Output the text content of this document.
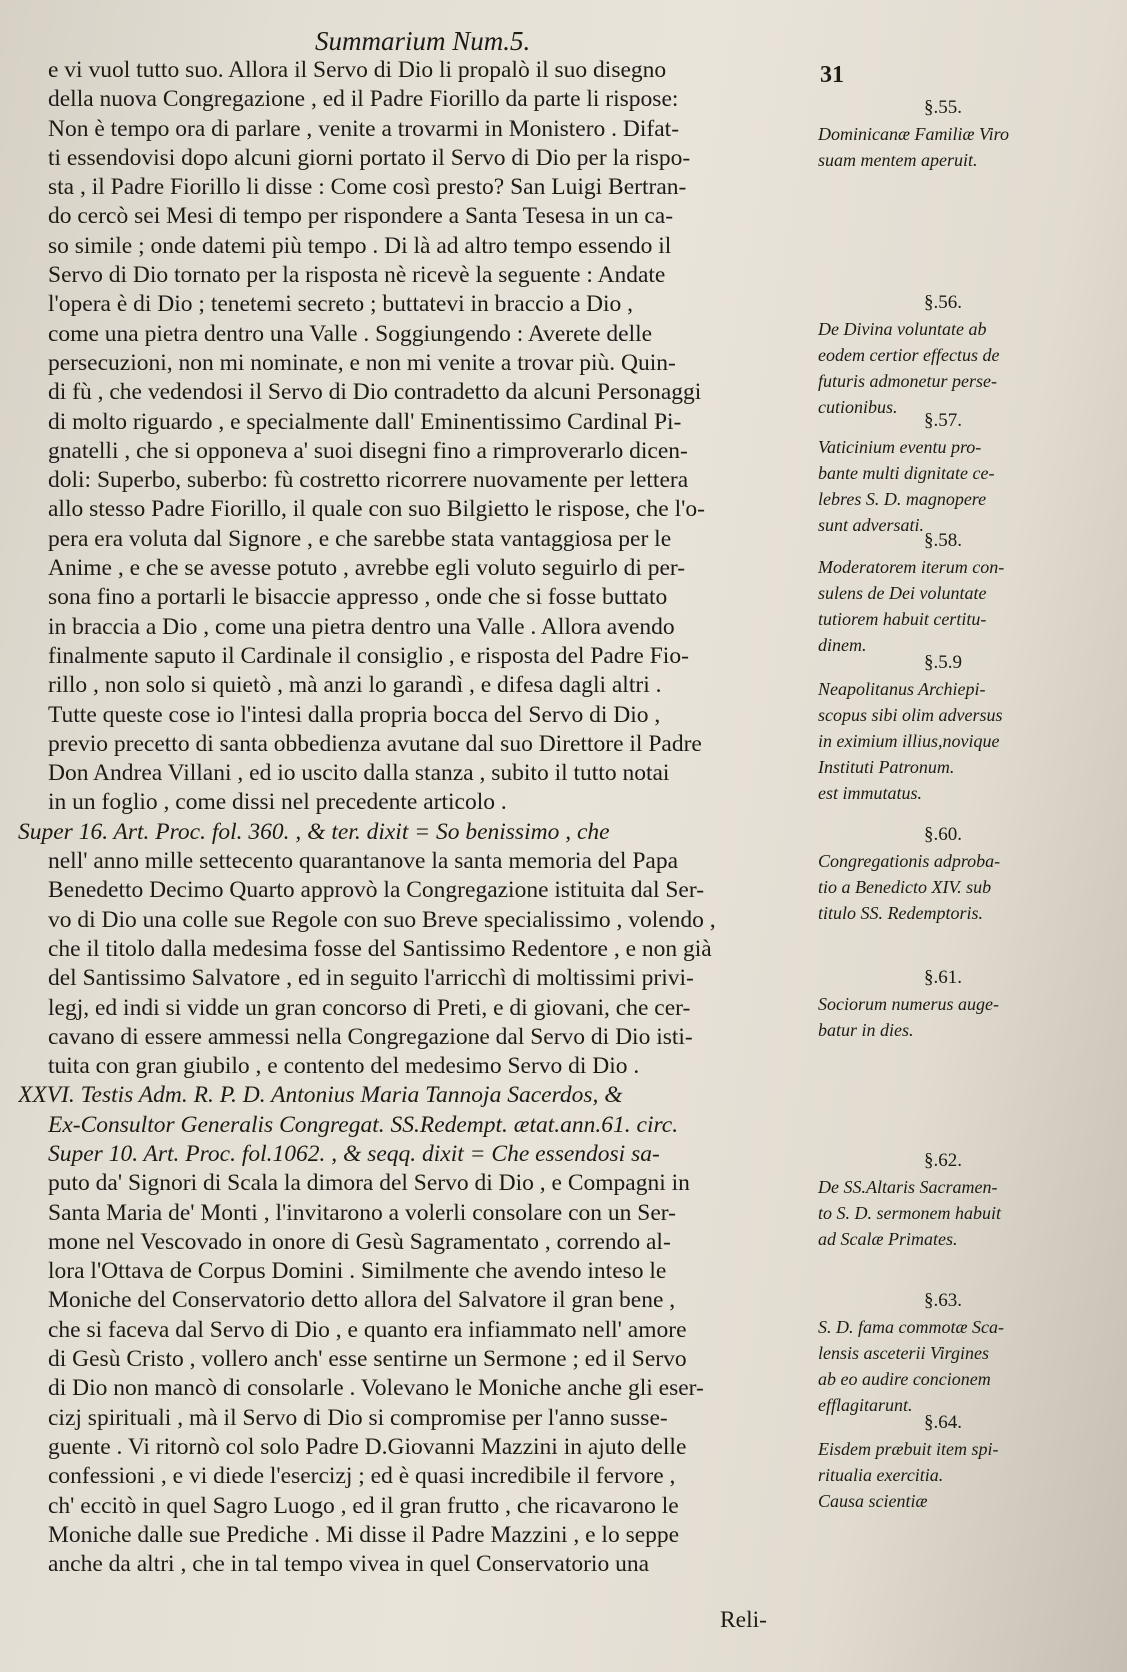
Summarium Num.5.
31
e vi vuol tutto suo. Allora il Servo di Dio li propalò il suo disegno
della nuova Congregazione , ed il Padre Fiorillo da parte li rispose:
Non è tempo ora di parlare , venite a trovarmi in Monistero . Difat-
ti essendovisi dopo alcuni giorni portato il Servo di Dio per la rispo-
sta , il Padre Fiorillo li disse : Come così presto? San Luigi Bertran-
do cercò sei Mesi di tempo per rispondere a Santa Tesesa in un ca-
so simile ; onde datemi più tempo . Di là ad altro tempo essendo il
Servo di Dio tornato per la risposta nè ricevè la seguente : Andate
l'opera è di Dio ; tenetemi secreto ; buttatevi in braccio a Dio ,
come una pietra dentro una Valle . Soggiungendo : Averete delle
persecuzioni, non mi nominate, e non mi venite a trovar più. Quin-
di fù , che vedendosi il Servo di Dio contradetto da alcuni Personaggi
di molto riguardo , e specialmente dall' Eminentissimo Cardinal Pi-
gnatelli , che si opponeva a' suoi disegni fino a rimproverarlo dicen-
doli: Superbo, suberbo: fù costretto ricorrere nuovamente per lettera
allo stesso Padre Fiorillo, il quale con suo Bilgietto le rispose, che l'o-
pera era voluta dal Signore , e che sarebbe stata vantaggiosa per le
Anime , e che se avesse potuto , avrebbe egli voluto seguirlo di per-
sona fino a portarli le bisaccie appresso , onde che si fosse buttato
in braccia a Dio , come una pietra dentro una Valle . Allora avendo
finalmente saputo il Cardinale il consiglio , e risposta del Padre Fio-
rillo , non solo si quietò , mà anzi lo garandì , e difesa dagli altri .
Tutte queste cose io l'intesi dalla propria bocca del Servo di Dio ,
previo precetto di santa obbedienza avutane dal suo Direttore il Padre
Don Andrea Villani , ed io uscito dalla stanza , subito il tutto notai
in un foglio , come dissi nel precedente articolo .
Super 16. Art. Proc. fol. 360. , & ter. dixit = So benissimo , che
nell' anno mille settecento quarantanove la santa memoria del Papa
Benedetto Decimo Quarto approvò la Congregazione istituita dal Ser-
vo di Dio una colle sue Regole con suo Breve specialissimo , volendo ,
che il titolo dalla medesima fosse del Santissimo Redentore , e non già
del Santissimo Salvatore , ed in seguito l'arricchì di moltissimi privi-
legj, ed indi si vidde un gran concorso di Preti, e di giovani, che cer-
cavano di essere ammessi nella Congregazione dal Servo di Dio isti-
tuita con gran giubilo , e contento del medesimo Servo di Dio .
XXVI. Testis Adm. R. P. D. Antonius Maria Tannoja Sacerdos, &
Ex-Consultor Generalis Congregat. SS.Redempt. ætat.ann.61. circ.
Super 10. Art. Proc. fol.1062. , & seqq. dixit = Che essendosi sa-
puto da' Signori di Scala la dimora del Servo di Dio , e Compagni in
Santa Maria de' Monti , l'invitarono a volerli consolare con un Ser-
mone nel Vescovado in onore di Gesù Sagramentato , correndo al-
lora l'Ottava de Corpus Domini . Similmente che avendo inteso le
Moniche del Conservatorio detto allora del Salvatore il gran bene ,
che si faceva dal Servo di Dio , e quanto era infiammato nell' amore
di Gesù Cristo , vollero anch' esse sentirne un Sermone ; ed il Servo
di Dio non mancò di consolarle . Volevano le Moniche anche gli eser-
cizj spirituali , mà il Servo di Dio si compromise per l'anno susse-
guente . Vi ritornò col solo Padre D.Giovanni Mazzini in ajuto delle
confessioni , e vi diede l'esercizj ; ed è quasi incredibile il fervore ,
ch' eccitò in quel Sagro Luogo , ed il gran frutto , che ricavarono le
Moniche dalle sue Prediche . Mi disse il Padre Mazzini , e lo seppe
anche da altri , che in tal tempo vivea in quel Conservatorio una
§.55.
Dominicanæ Familiæ Viro
suam mentem aperuit.
§.56.
De Divina voluntate ab
eodem certior effectus de
futuris admonetur perse-
cutionibus.
§.57.
Vaticinium eventu pro-
bante multi dignitate ce-
lebres S. D. magnopere
sunt adversati.
§.58.
Moderatorem iterum con-
sulens de Dei voluntate
tutiorem habuit certitu-
dinem.
§.5.9
Neapolitanus Archiepi-
scopus sibi olim adversus
in eximium illius,novique
Instituti Patronum.
est immutatus.
§.60.
Congregationis adproba-
tio a Benedicto XIV. sub
titulo SS. Redemptoris.
§.61.
Sociorum numerus auge-
batur in dies.
§.62.
De SS.Altaris Sacramen-
to S. D. sermonem habuit
ad Scalæ Primates.
§.63.
S. D. fama commotæ Sca-
lensis asceterii Virgines
ab eo audire concionem
efflagitarunt.
§.64.
Eisdem præbuit item spi-
ritualia exercitia.
Causa scientiæ
Reli-
